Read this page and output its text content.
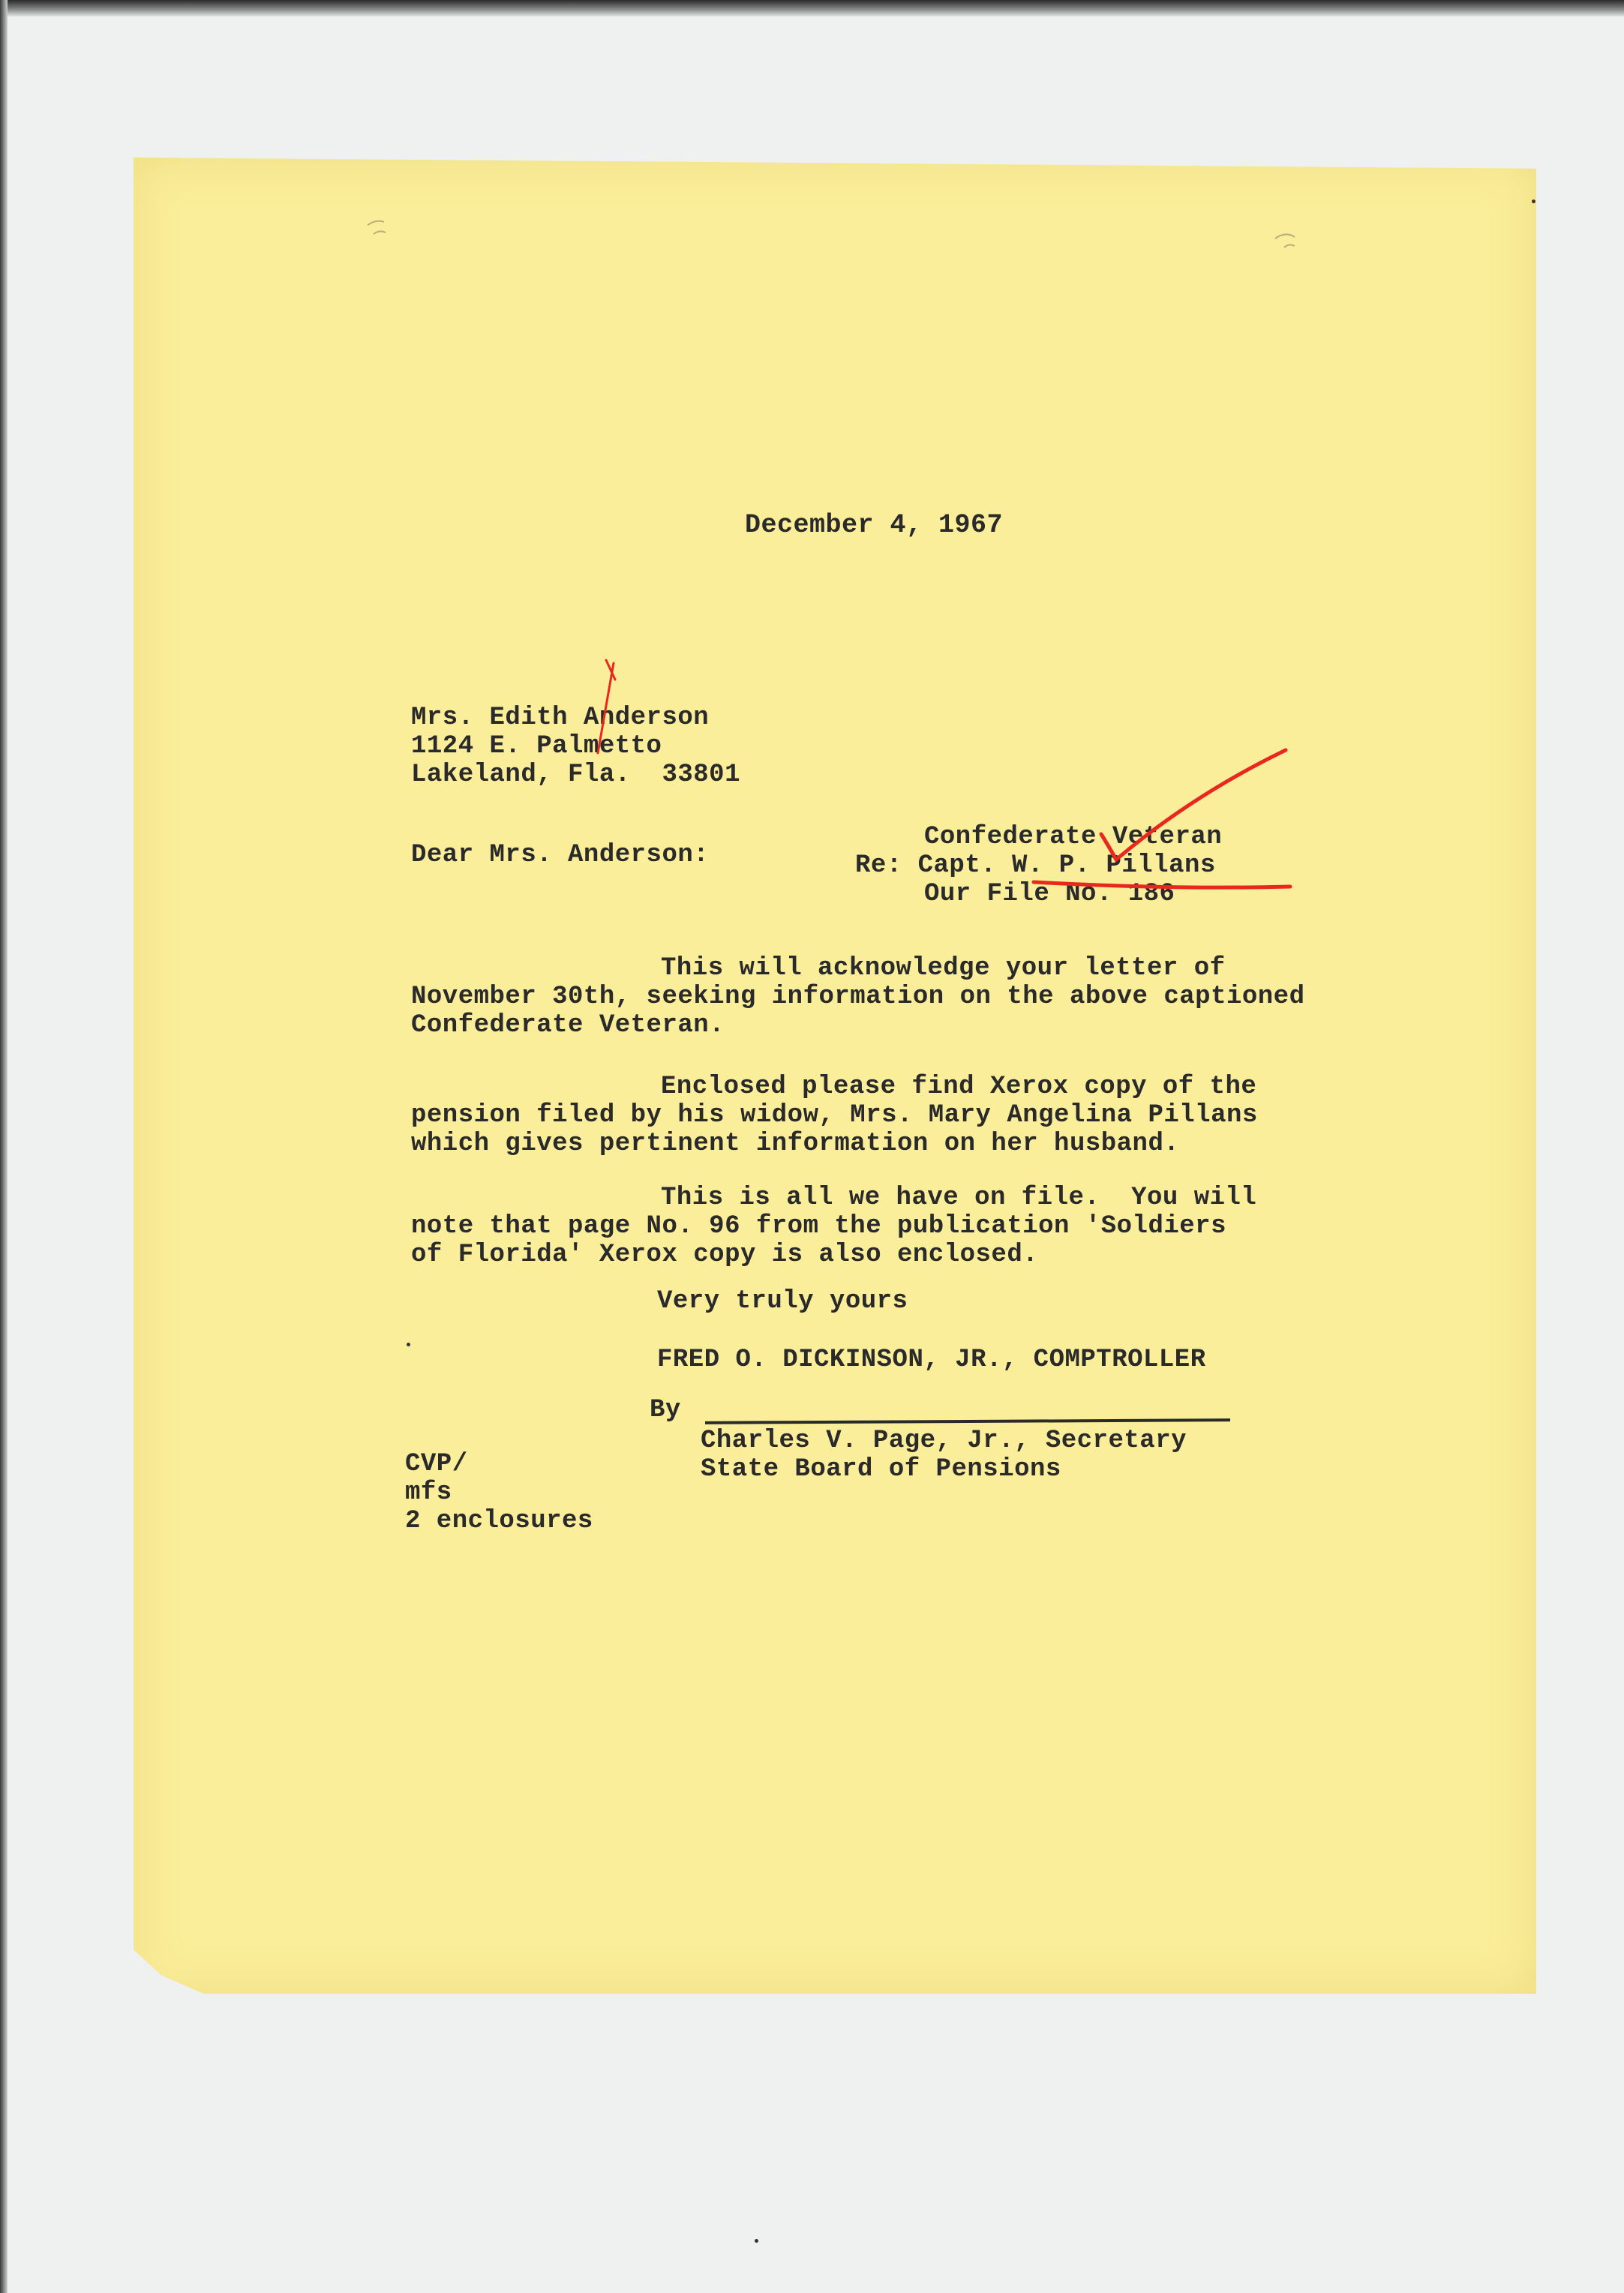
December 4, 1967
Mrs. Edith Anderson
1124 E. Palmetto
Lakeland, Fla.  33801
Dear Mrs. Anderson:
Confederate Veteran
Re: Capt. W. P. Pillans
Our File No. 186
This will acknowledge your letter of
November 30th, seeking information on the above captioned
Confederate Veteran.
Enclosed please find Xerox copy of the
pension filed by his widow, Mrs. Mary Angelina Pillans
which gives pertinent information on her husband.
This is all we have on file.  You will
note that page No. 96 from the publication 'Soldiers
of Florida' Xerox copy is also enclosed.
Very truly yours
FRED O. DICKINSON, JR., COMPTROLLER
By
Charles V. Page, Jr., Secretary
State Board of Pensions
CVP/
mfs
2 enclosures
